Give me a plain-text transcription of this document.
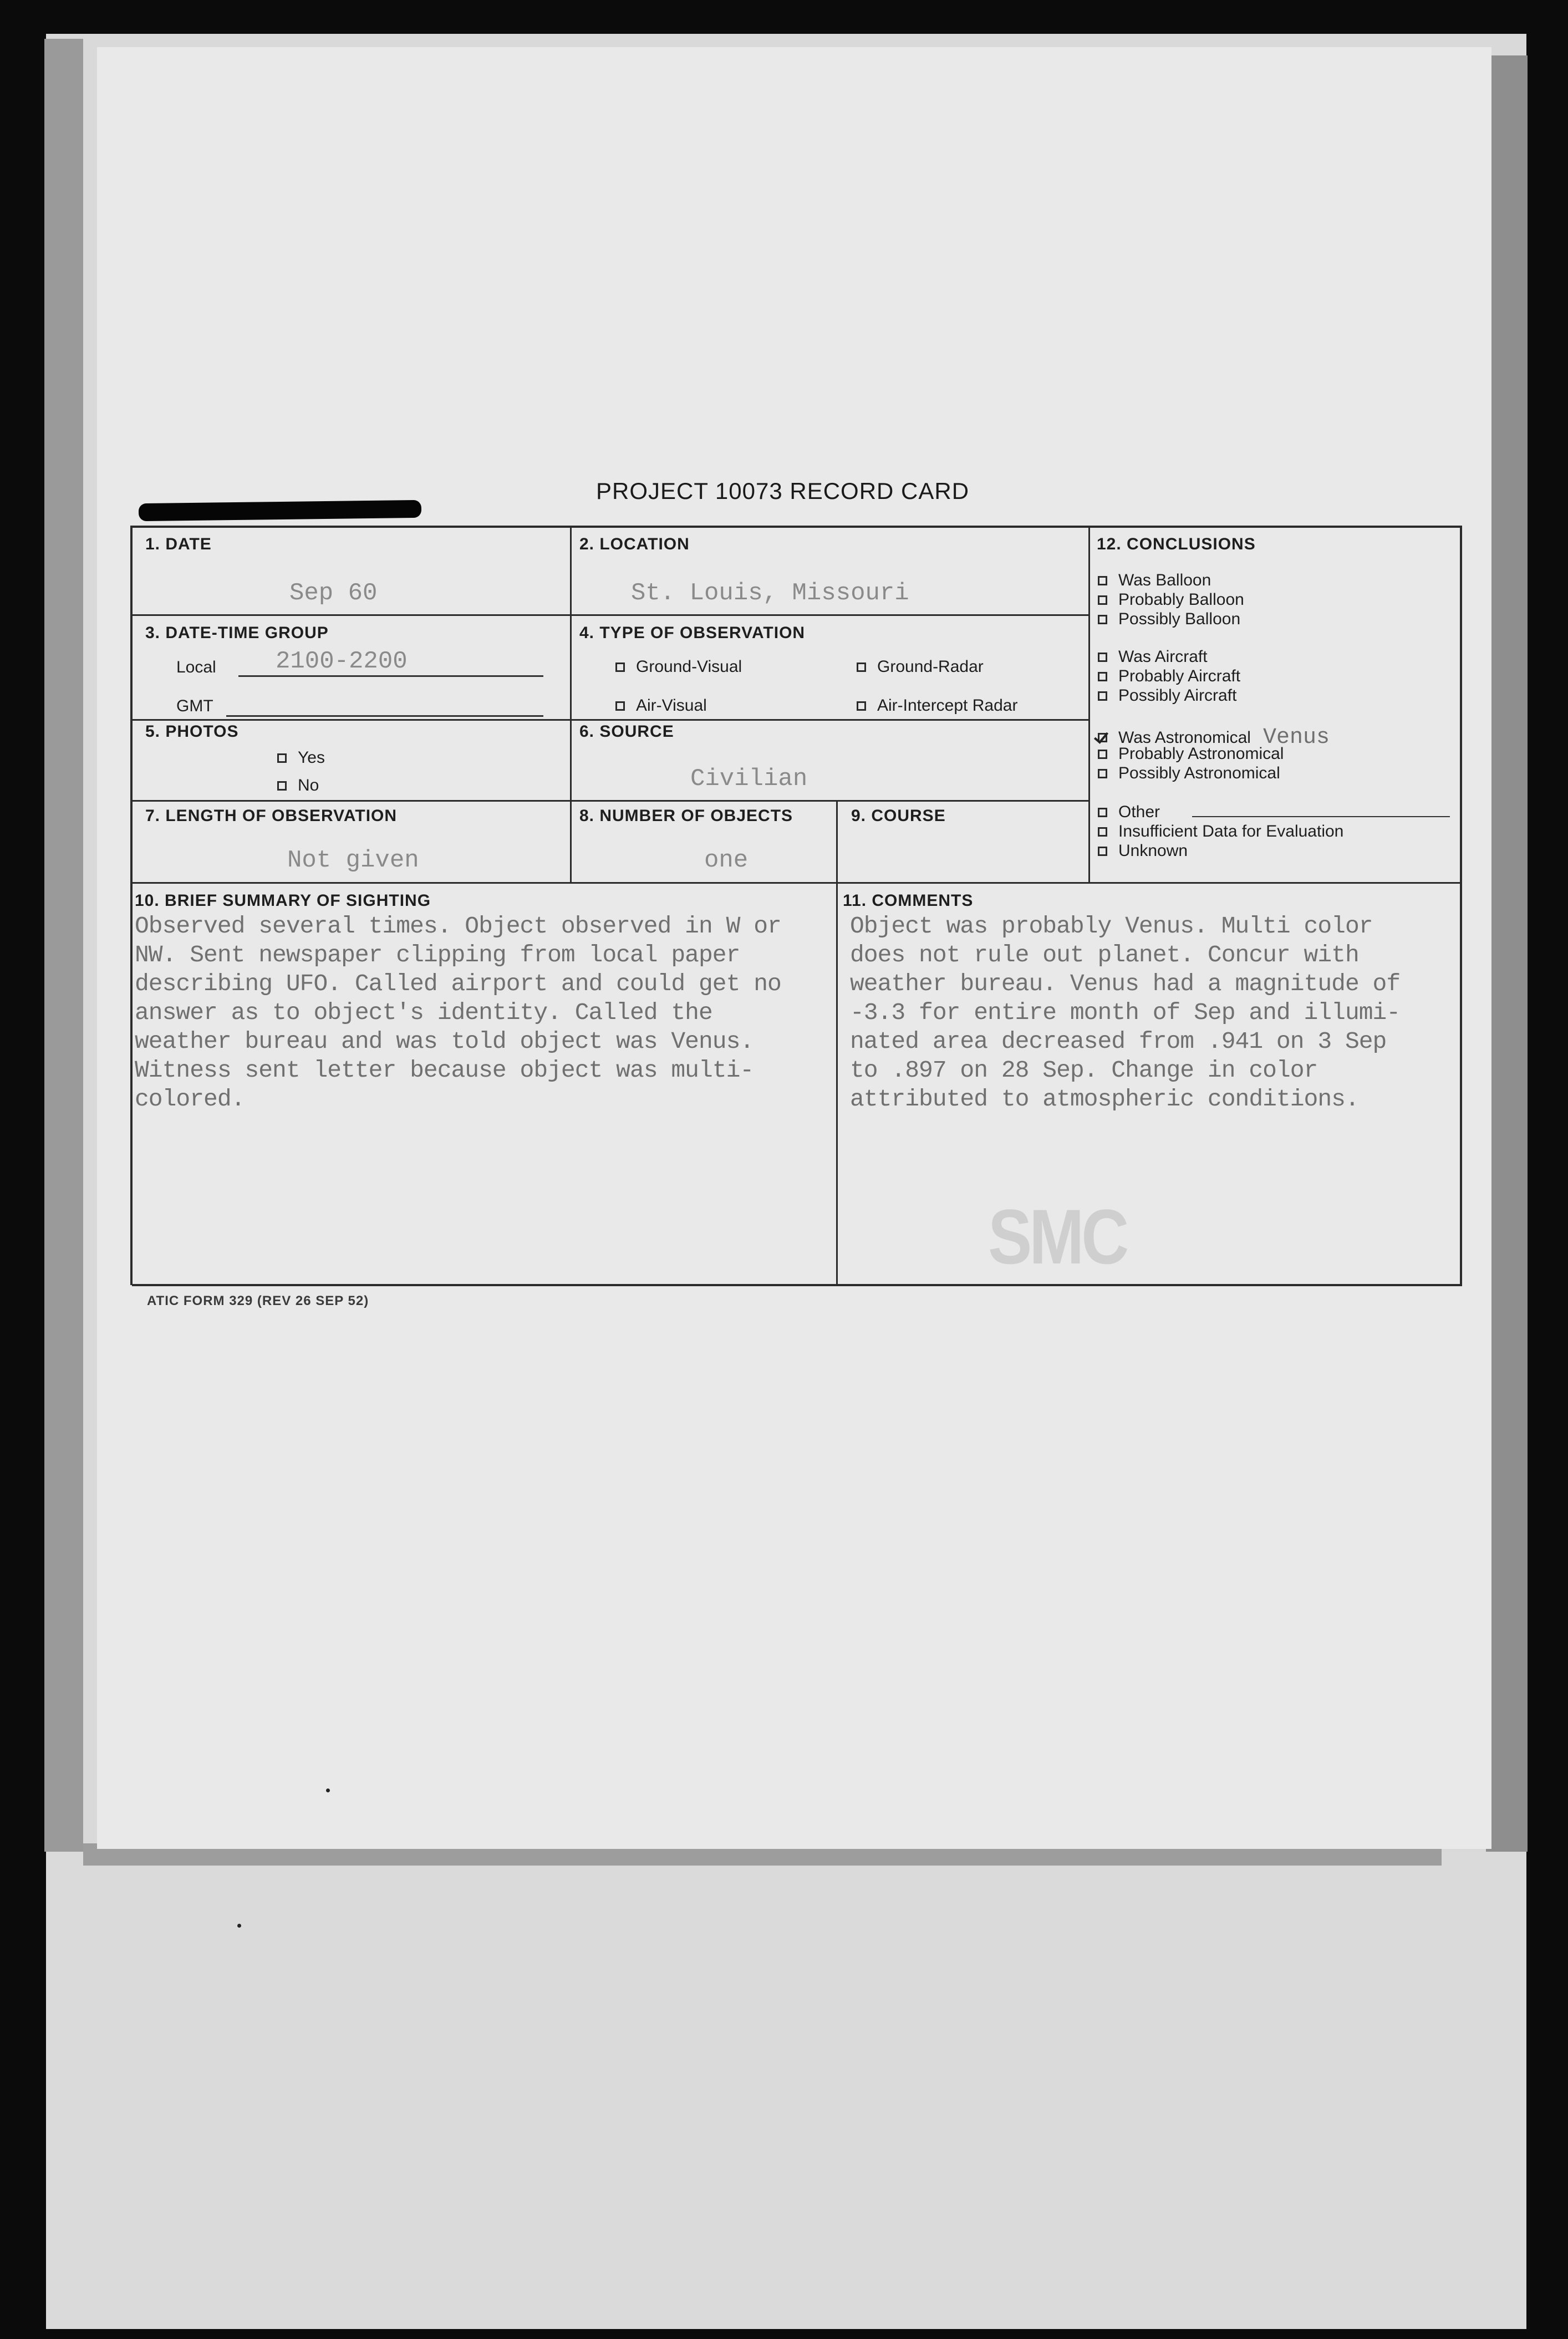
PROJECT 10073 RECORD CARD
1. DATE
Sep 60
2. LOCATION
St. Louis, Missouri
3. DATE-TIME GROUP
Local 2100-2200
GMT
4. TYPE OF OBSERVATION
Ground-Visual	Ground-Radar
Air-Visual	Air-Intercept Radar
5. PHOTOS
Yes
No
6. SOURCE
Civilian
7. LENGTH OF OBSERVATION
Not given
8. NUMBER OF OBJECTS
one
9. COURSE
10. BRIEF SUMMARY OF SIGHTING
Observed several times. Object observed in W or
NW. Sent newspaper clipping from local paper
describing UFO. Called airport and could get no
answer as to object's identity. Called the
weather bureau and was told object was Venus.
Witness sent letter because object was multi-
colored.
11. COMMENTS
Object was probably Venus. Multi color
does not rule out planet. Concur with
weather bureau. Venus had a magnitude of
-3.3 for entire month of Sep and illumi-
nated area decreased from .941 on 3 Sep
to .897 on 28 Sep. Change in color
attributed to atmospheric conditions.
12. CONCLUSIONS
Was Balloon
Probably Balloon
Possibly Balloon
Was Aircraft
Probably Aircraft
Possibly Aircraft
Was Astronomical Venus
Probably Astronomical
Possibly Astronomical
Other
Insufficient Data for Evaluation
Unknown
SMC
ATIC FORM 329 (REV 26 SEP 52)
